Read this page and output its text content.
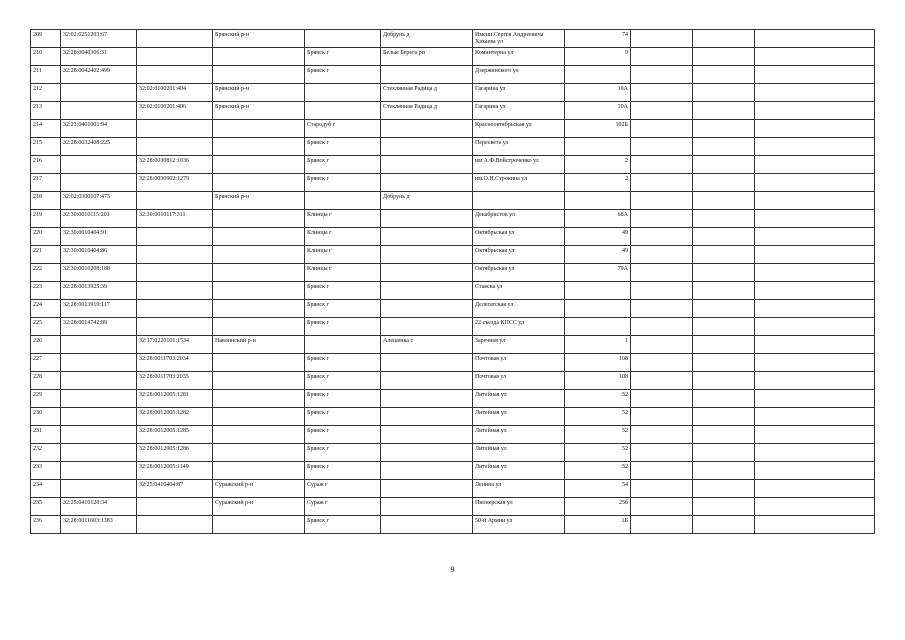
209	32:02:0251203:67		Брянский р-н		Добрунь д	Имени Сергея Андреевича Хахаева ул	74			
210	32:28:0040306:31			Брянск г	Белые Берега рп	Коминтерна ул	9			
211	32:28:0042402:499			Брянск г		Дзержинского ул				
212		32:02:0100201:404	Брянский р-н		Стеклянная Радица д	Гагарина ул	10А			
213		32:02:0100201:406	Брянский р-н		Стеклянная Радица д	Гагарина ул	10А			
214	32:23:0401001:94			Стародуб г		Краснооктябрьская ул	102Б			
215	32:28:0032408:225			Брянск г		Пересвета ул				
216		32:28:0030812:1036		Брянск г		им А.Ф.Войстроченко ул	2			
217		32:28:0030902:1279		Брянск г		им.О.Н.Строкина ул	2			
218	32:02:0300107:475		Брянский р-н		Добрунь д					
219	32:30:0010115:201	32:30:0010117:311		Клинцы г		Декабристов ул	68А			
220	32:30:0010404:91			Клинцы г		Октябрьская ул	49			
221	32:30:0010404:86			Клинцы г		Октябрьская ул	49			
222	32:30:0010208:188			Клинцы г		Октябрьская ул	79А			
223	32:28:0013925:39			Брянск г		Ставска ул				
224	32:28:0013919:117			Брянск г		Делегатская ул				
225	32:28:0014742:89			Брянск г		22 съезда КПСС ул				
226		32:17:0220101:1534	Навлинский р-н		Алешенка с	Заречная ул	1			
227		32:28:0011703:2034		Брянск г		Почтовая ул	108			
228		32:28:0011703:2035		Брянск г		Почтовая ул	108			
229		32:28:0012005:1281		Брянск г		Литейная ул	52			
230		32:28:0012005:1282		Брянск г		Литейная ул	52			
231		32:28:0012005:1285		Брянск г		Литейная ул	52			
232		32:28:0012005:1286		Брянск г		Литейная ул	52			
233		32:28:0012005:1149		Брянск г		Литейная ул	52			
234		32:25:0410404:87	Суражский р-н	Сураж г		Ленина ул	54			
235	32:25:0410120:34		Суражский р-н	Сураж г		Пионерская ул	25б			
236	32:28:0011603:1383			Брянск г		50-й Армии ул	1Б			
9
